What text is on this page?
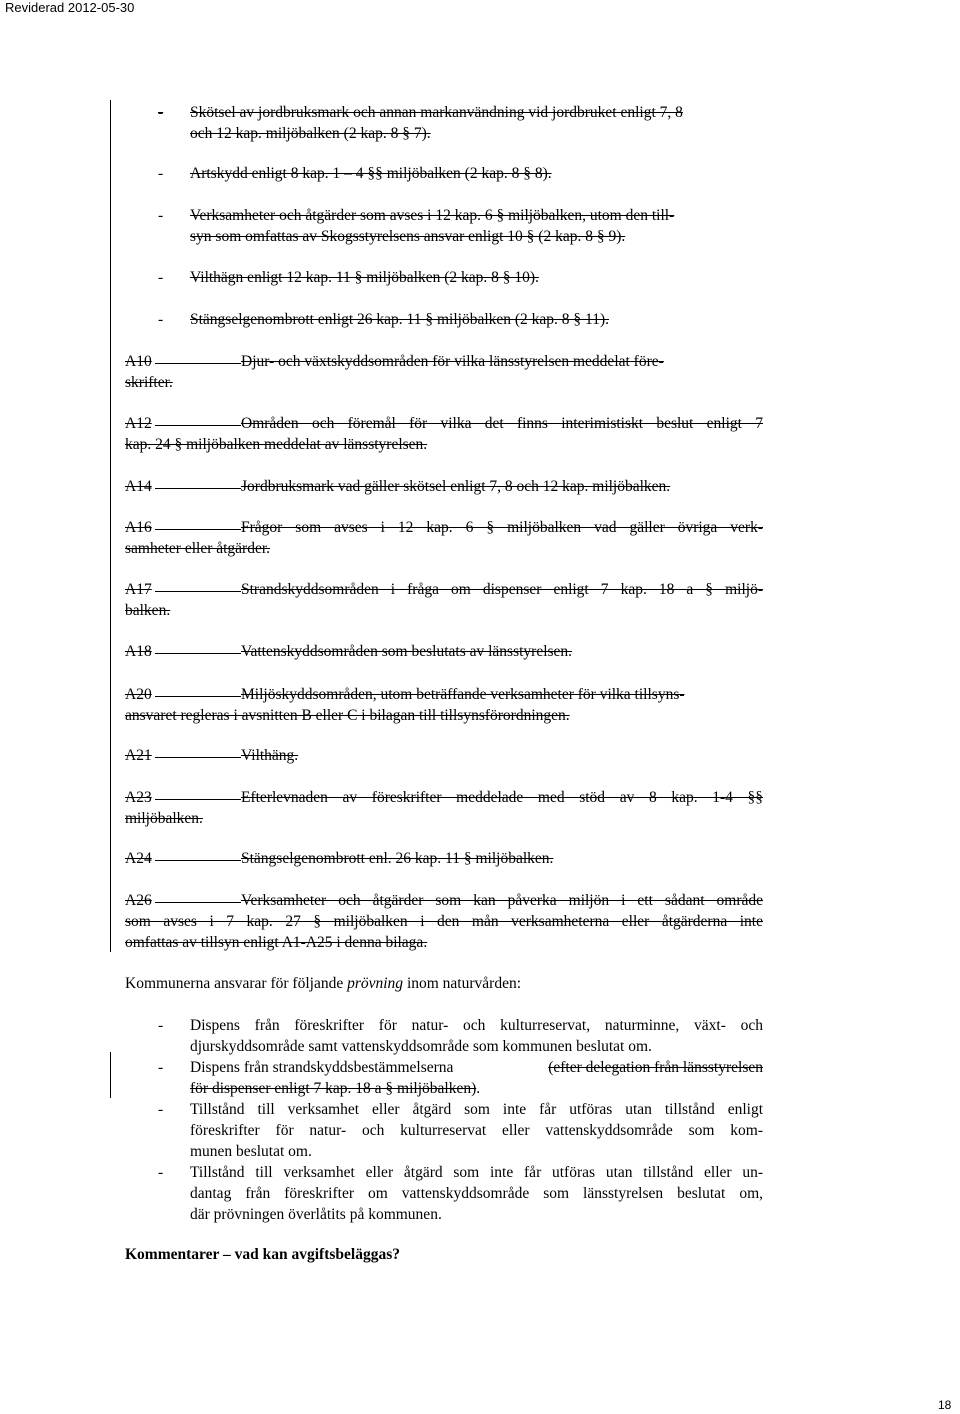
Reviderad 2012-05-30
- Skötsel av jordbruksmark och annan markanvändning vid jordbruket enligt 7, 8
och 12 kap. miljöbalken (2 kap. 8 § 7).
- Artskydd enligt 8 kap. 1 – 4 §§ miljöbalken (2 kap. 8 § 8).
- Verksamheter och åtgärder som avses i 12 kap. 6 § miljöbalken, utom den till-
syn som omfattas av Skogsstyrelsens ansvar enligt 10 § (2 kap. 8 § 9).
- Vilthägn enligt 12 kap. 11 § miljöbalken (2 kap. 8 § 10).
- Stängselgenombrott enligt 26 kap. 11 § miljöbalken (2 kap. 8 § 11).
A10	Djur- och växtskyddsområden för vilka länsstyrelsen meddelat före-
skrifter.
A12	Områden och föremål för vilka det finns interimistiskt beslut enligt 7
kap. 24 § miljöbalken meddelat av länsstyrelsen.
A14	Jordbruksmark vad gäller skötsel enligt 7, 8 och 12 kap. miljöbalken.
A16	Frågor som avses i 12 kap. 6 § miljöbalken vad gäller övriga verk-
samheter eller åtgärder.
A17	Strandskyddsområden i fråga om dispenser enligt 7 kap. 18 a § miljö-
balken.
A18	Vattenskyddsområden som beslutats av länsstyrelsen.
A20	Miljöskyddsområden, utom beträffande verksamheter för vilka tillsyns-
ansvaret regleras i avsnitten B eller C i bilagan till tillsynsförordningen.
A21	Vilthäng.
A23	Efterlevnaden av föreskrifter meddelade med stöd av 8 kap. 1-4 §§
miljöbalken.
A24	Stängselgenombrott enl. 26 kap. 11 § miljöbalken.
A26	Verksamheter och åtgärder som kan påverka miljön i ett sådant område
som avses i 7 kap. 27 § miljöbalken i den mån verksamheterna eller åtgärderna inte
omfattas av tillsyn enligt A1-A25 i denna bilaga.
Kommunerna ansvarar för följande prövning inom naturvården:
- Dispens från föreskrifter för natur- och kulturreservat, naturminne, växt- och
djurskyddsområde samt vattenskyddsområde som kommunen beslutat om.
- Dispens från strandskyddsbestämmelserna	(efter delegation från länsstyrelsen
för dispenser enligt 7 kap. 18 a § miljöbalken).
- Tillstånd till verksamhet eller åtgärd som inte får utföras utan tillstånd enligt
föreskrifter för natur- och kulturreservat eller vattenskyddsområde som kom-
munen beslutat om.
- Tillstånd till verksamhet eller åtgärd som inte får utföras utan tillstånd eller un-
dantag från föreskrifter om vattenskyddsområde som länsstyrelsen beslutat om,
där prövningen överlåtits på kommunen.
Kommentarer – vad kan avgiftsbeläggas?
18
